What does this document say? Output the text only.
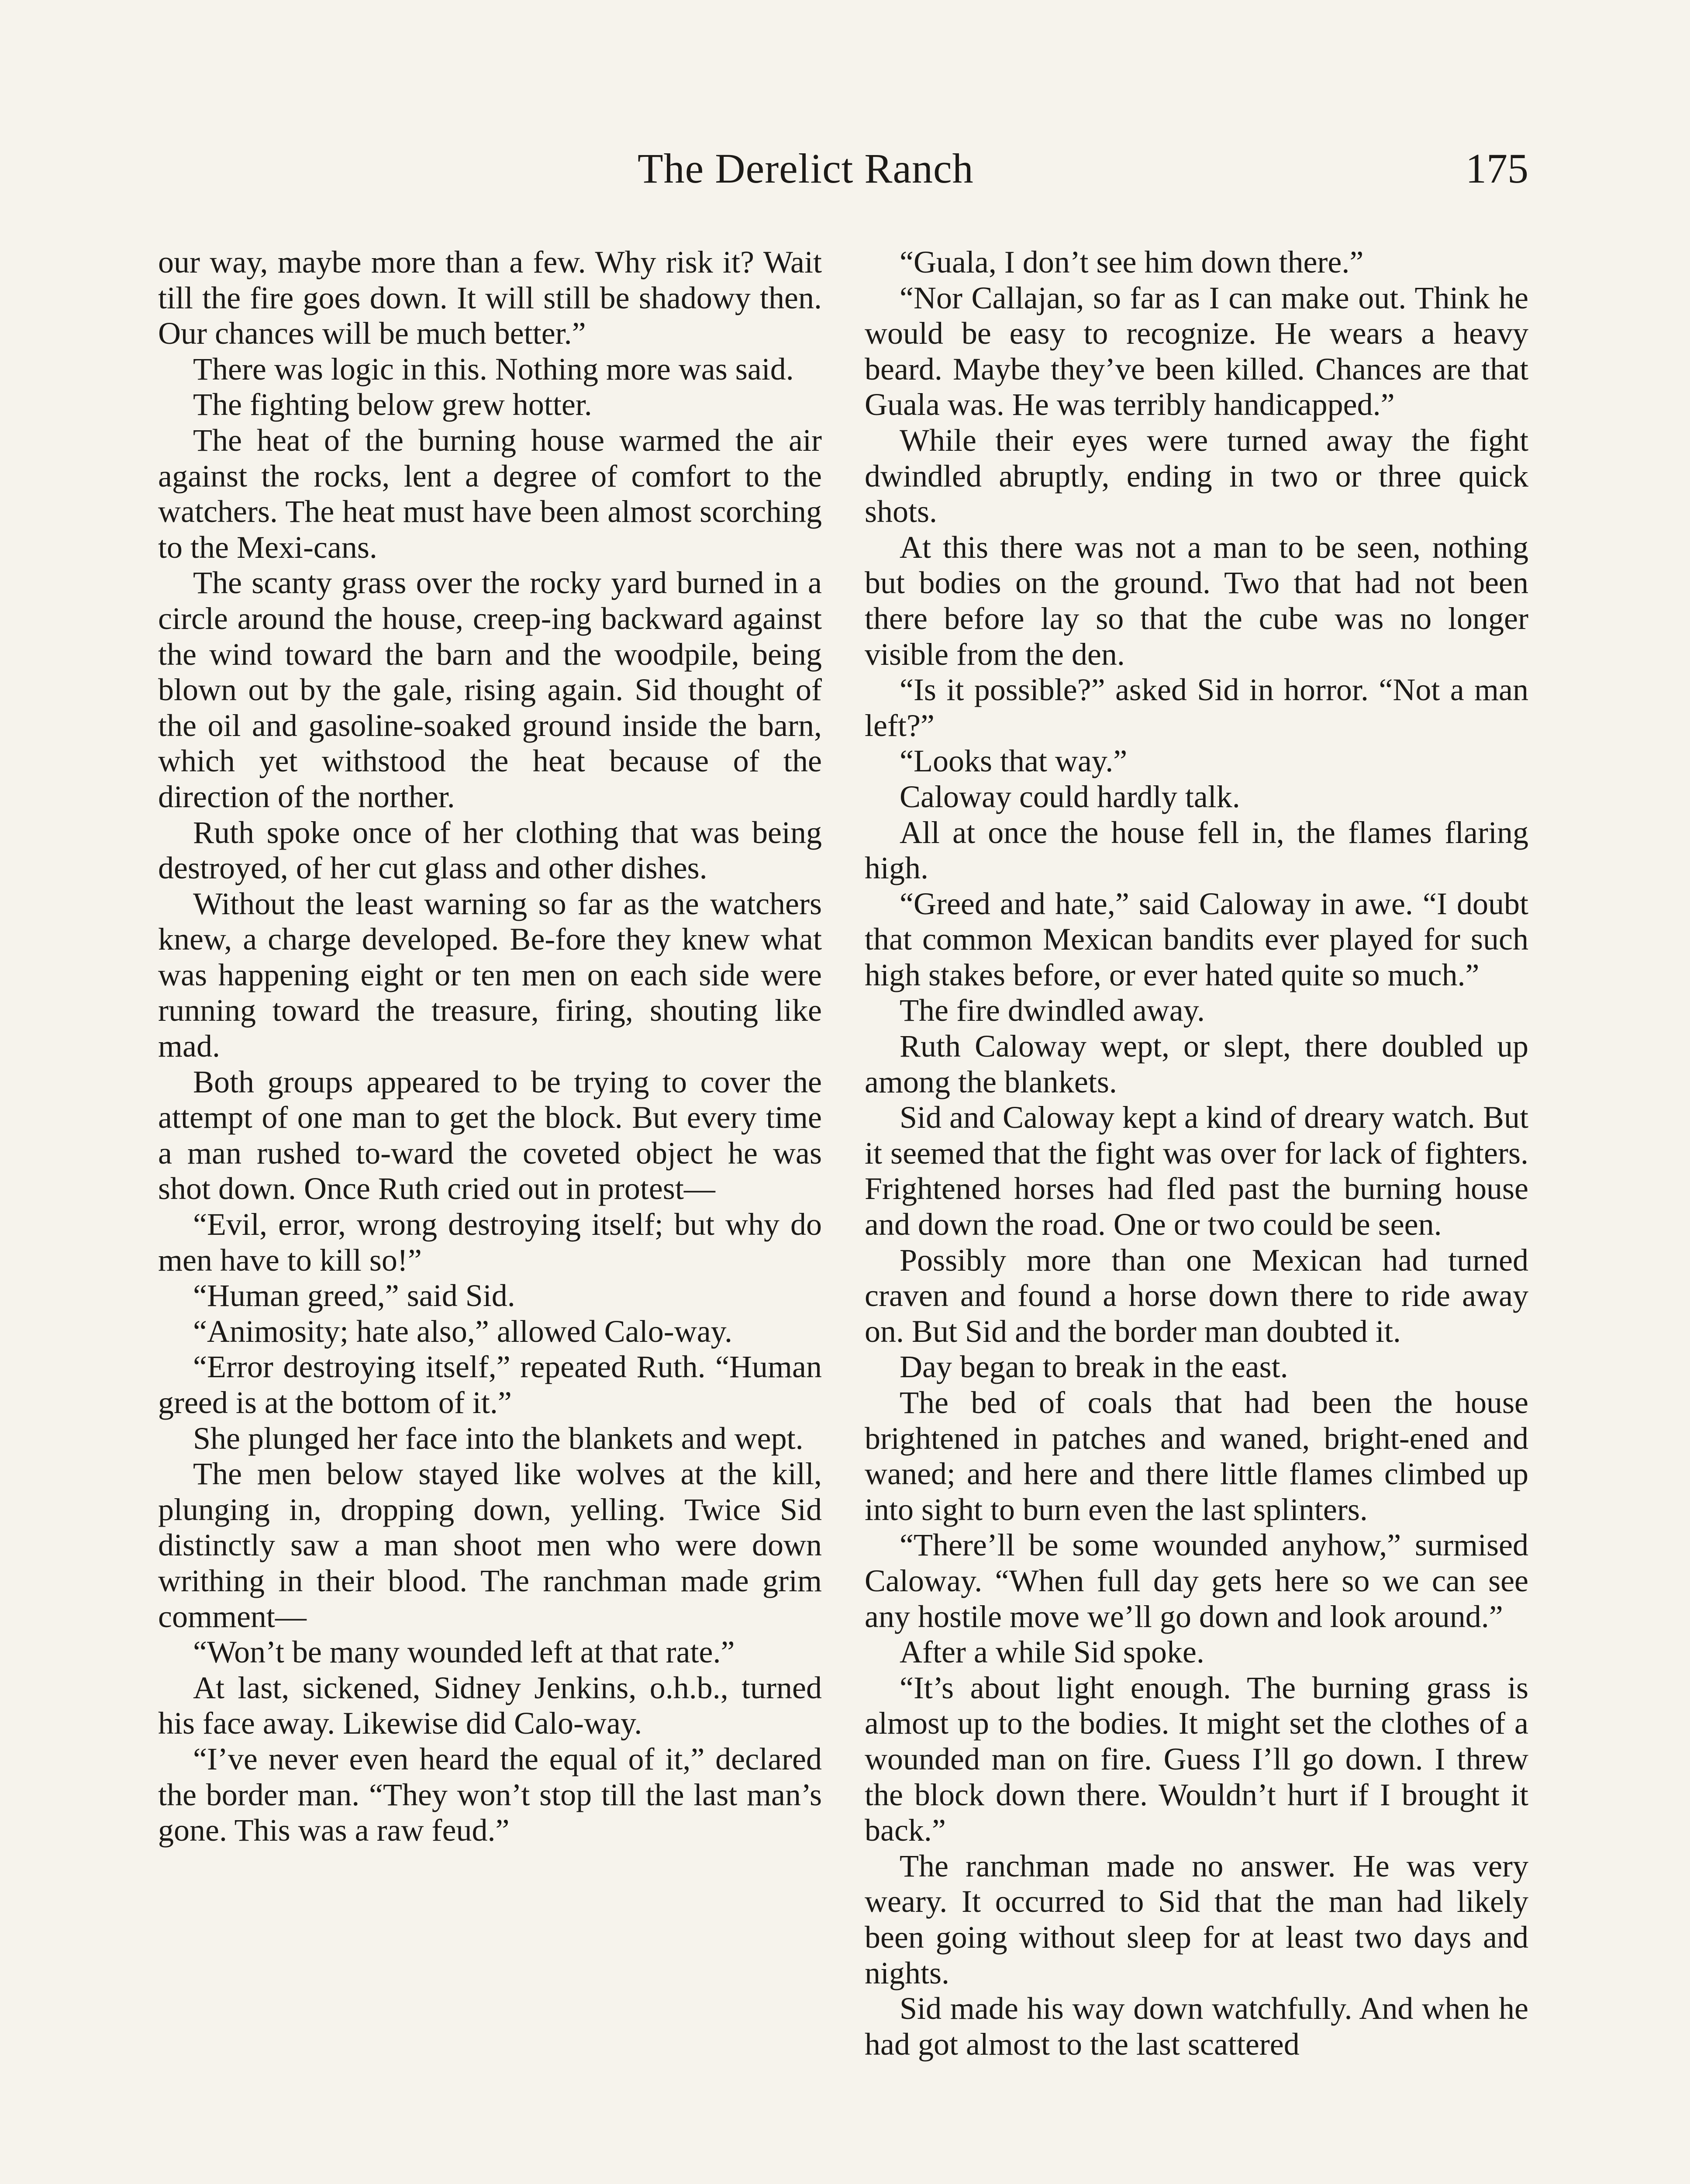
The Derelict Ranch	175

our way, maybe more than a few. Why risk it? Wait till the fire goes down. It will still be shadowy then. Our chances will be much better.”

There was logic in this. Nothing more was said.

The fighting below grew hotter.

The heat of the burning house warmed the air against the rocks, lent a degree of comfort to the watchers. The heat must have been almost scorching to the Mexi-cans.

The scanty grass over the rocky yard burned in a circle around the house, creep-ing backward against the wind toward the barn and the woodpile, being blown out by the gale, rising again. Sid thought of the oil and gasoline-soaked ground inside the barn, which yet withstood the heat because of the direction of the norther.

Ruth spoke once of her clothing that was being destroyed, of her cut glass and other dishes.

Without the least warning so far as the watchers knew, a charge developed. Be-fore they knew what was happening eight or ten men on each side were running toward the treasure, firing, shouting like mad.

Both groups appeared to be trying to cover the attempt of one man to get the block. But every time a man rushed to-ward the coveted object he was shot down. Once Ruth cried out in protest—

“Evil, error, wrong destroying itself; but why do men have to kill so!”

“Human greed,” said Sid.

“Animosity; hate also,” allowed Calo-way.

“Error destroying itself,” repeated Ruth. “Human greed is at the bottom of it.”

She plunged her face into the blankets and wept.

The men below stayed like wolves at the kill, plunging in, dropping down, yelling. Twice Sid distinctly saw a man shoot men who were down writhing in their blood. The ranchman made grim comment—

“Won’t be many wounded left at that rate.”

At last, sickened, Sidney Jenkins, o.h.b., turned his face away. Likewise did Calo-way.

“I’ve never even heard the equal of it,” declared the border man. “They won’t stop till the last man’s gone. This was a raw feud.”

“Guala, I don’t see him down there.”

“Nor Callajan, so far as I can make out. Think he would be easy to recognize. He wears a heavy beard. Maybe they’ve been killed. Chances are that Guala was. He was terribly handicapped.”

While their eyes were turned away the fight dwindled abruptly, ending in two or three quick shots.

At this there was not a man to be seen, nothing but bodies on the ground. Two that had not been there before lay so that the cube was no longer visible from the den.

“Is it possible?” asked Sid in horror. “Not a man left?”

“Looks that way.”

Caloway could hardly talk.

All at once the house fell in, the flames flaring high.

“Greed and hate,” said Caloway in awe. “I doubt that common Mexican bandits ever played for such high stakes before, or ever hated quite so much.”

The fire dwindled away.

Ruth Caloway wept, or slept, there doubled up among the blankets.

Sid and Caloway kept a kind of dreary watch. But it seemed that the fight was over for lack of fighters. Frightened horses had fled past the burning house and down the road. One or two could be seen.

Possibly more than one Mexican had turned craven and found a horse down there to ride away on. But Sid and the border man doubted it.

Day began to break in the east.

The bed of coals that had been the house brightened in patches and waned, bright-ened and waned; and here and there little flames climbed up into sight to burn even the last splinters.

“There’ll be some wounded anyhow,” surmised Caloway. “When full day gets here so we can see any hostile move we’ll go down and look around.”

After a while Sid spoke.

“It’s about light enough. The burning grass is almost up to the bodies. It might set the clothes of a wounded man on fire. Guess I’ll go down. I threw the block down there. Wouldn’t hurt if I brought it back.”

The ranchman made no answer. He was very weary. It occurred to Sid that the man had likely been going without sleep for at least two days and nights.

Sid made his way down watchfully. And when he had got almost to the last scattered
